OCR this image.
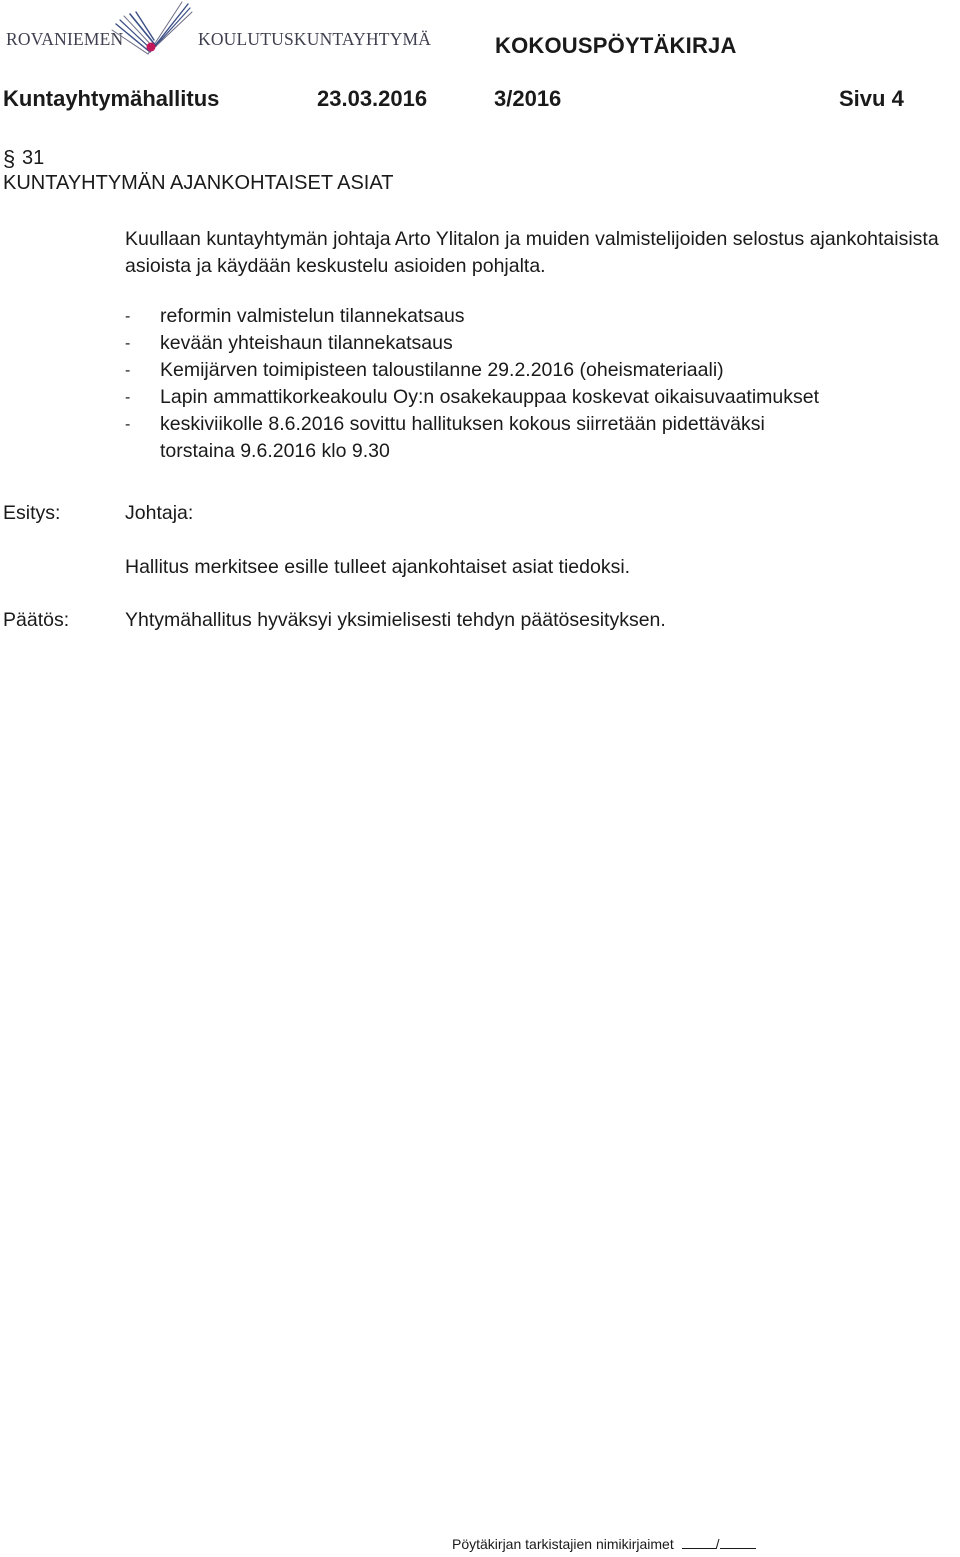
ROVANIEMEN	KOULUTUSKUNTAYHTYMÄ	KOKOUSPÖYTÄKIRJA
Kuntayhtymähallitus	23.03.2016	3/2016	Sivu 4
§ 31
KUNTAYHTYMÄN AJANKOHTAISET ASIAT
Kuullaan kuntayhtymän johtaja Arto Ylitalon ja muiden valmistelijoiden selostus ajankohtaisista asioista ja käydään keskustelu asioiden pohjalta.
- reformin valmistelun tilannekatsaus
- kevään yhteishaun tilannekatsaus
- Kemijärven toimipisteen taloustilanne 29.2.2016 (oheismateriaali)
- Lapin ammattikorkeakoulu Oy:n osakekauppaa koskevat oikaisuvaatimukset
- keskiviikolle 8.6.2016 sovittu hallituksen kokous siirretään pidettäväksi
torstaina 9.6.2016 klo 9.30
Esitys:	Johtaja:
Hallitus merkitsee esille tulleet ajankohtaiset asiat tiedoksi.
Päätös:	Yhtymähallitus hyväksyi yksimielisesti tehdyn päätösesityksen.
Pöytäkirjan tarkistajien nimikirjaimet	/
